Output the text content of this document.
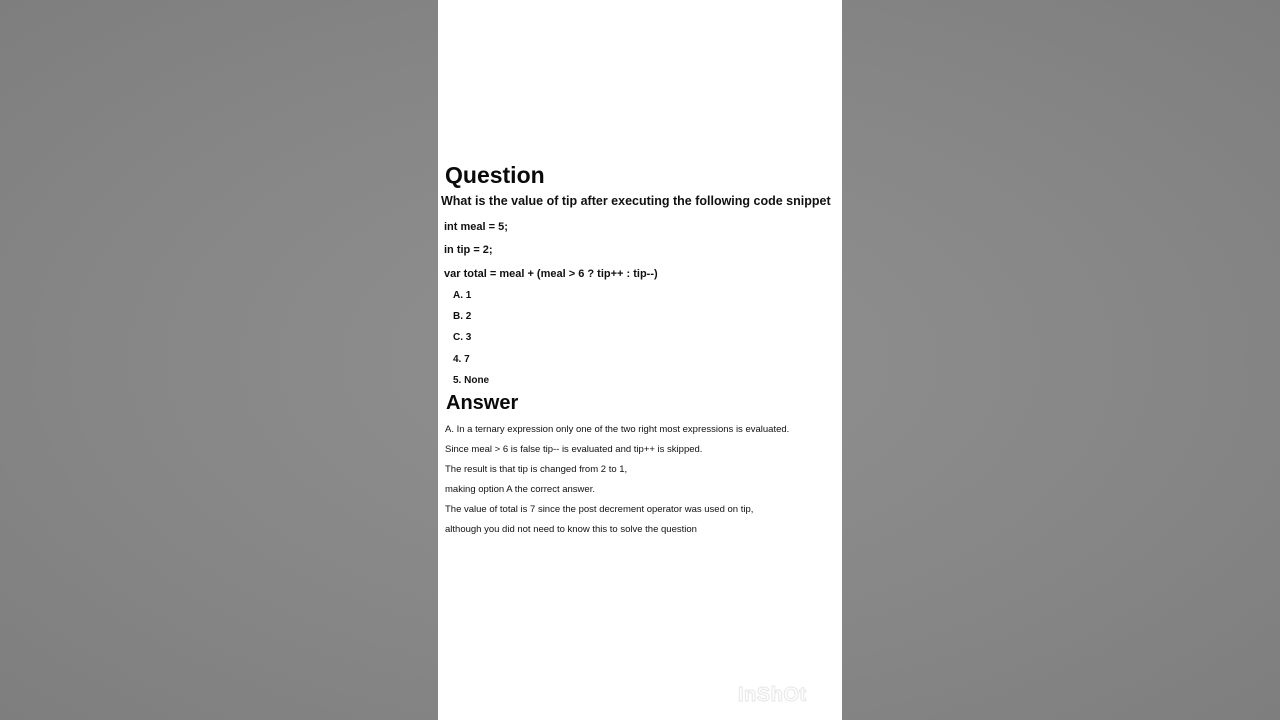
Question
What is the value of tip after executing the following code snippet
int meal = 5;
in tip = 2;
var total = meal + (meal > 6 ? tip++ : tip--)
A. 1
B. 2
C. 3
4. 7
5. None
Answer
A. In a ternary expression only one of the two right most expressions is evaluated.
Since meal > 6 is false tip-- is evaluated and tip++ is skipped.
The result is that tip is changed from 2 to 1,
making option A the correct answer.
The value of total is 7 since the post decrement operator was used on tip,
although you did not need to know this to solve the question
InShOt
